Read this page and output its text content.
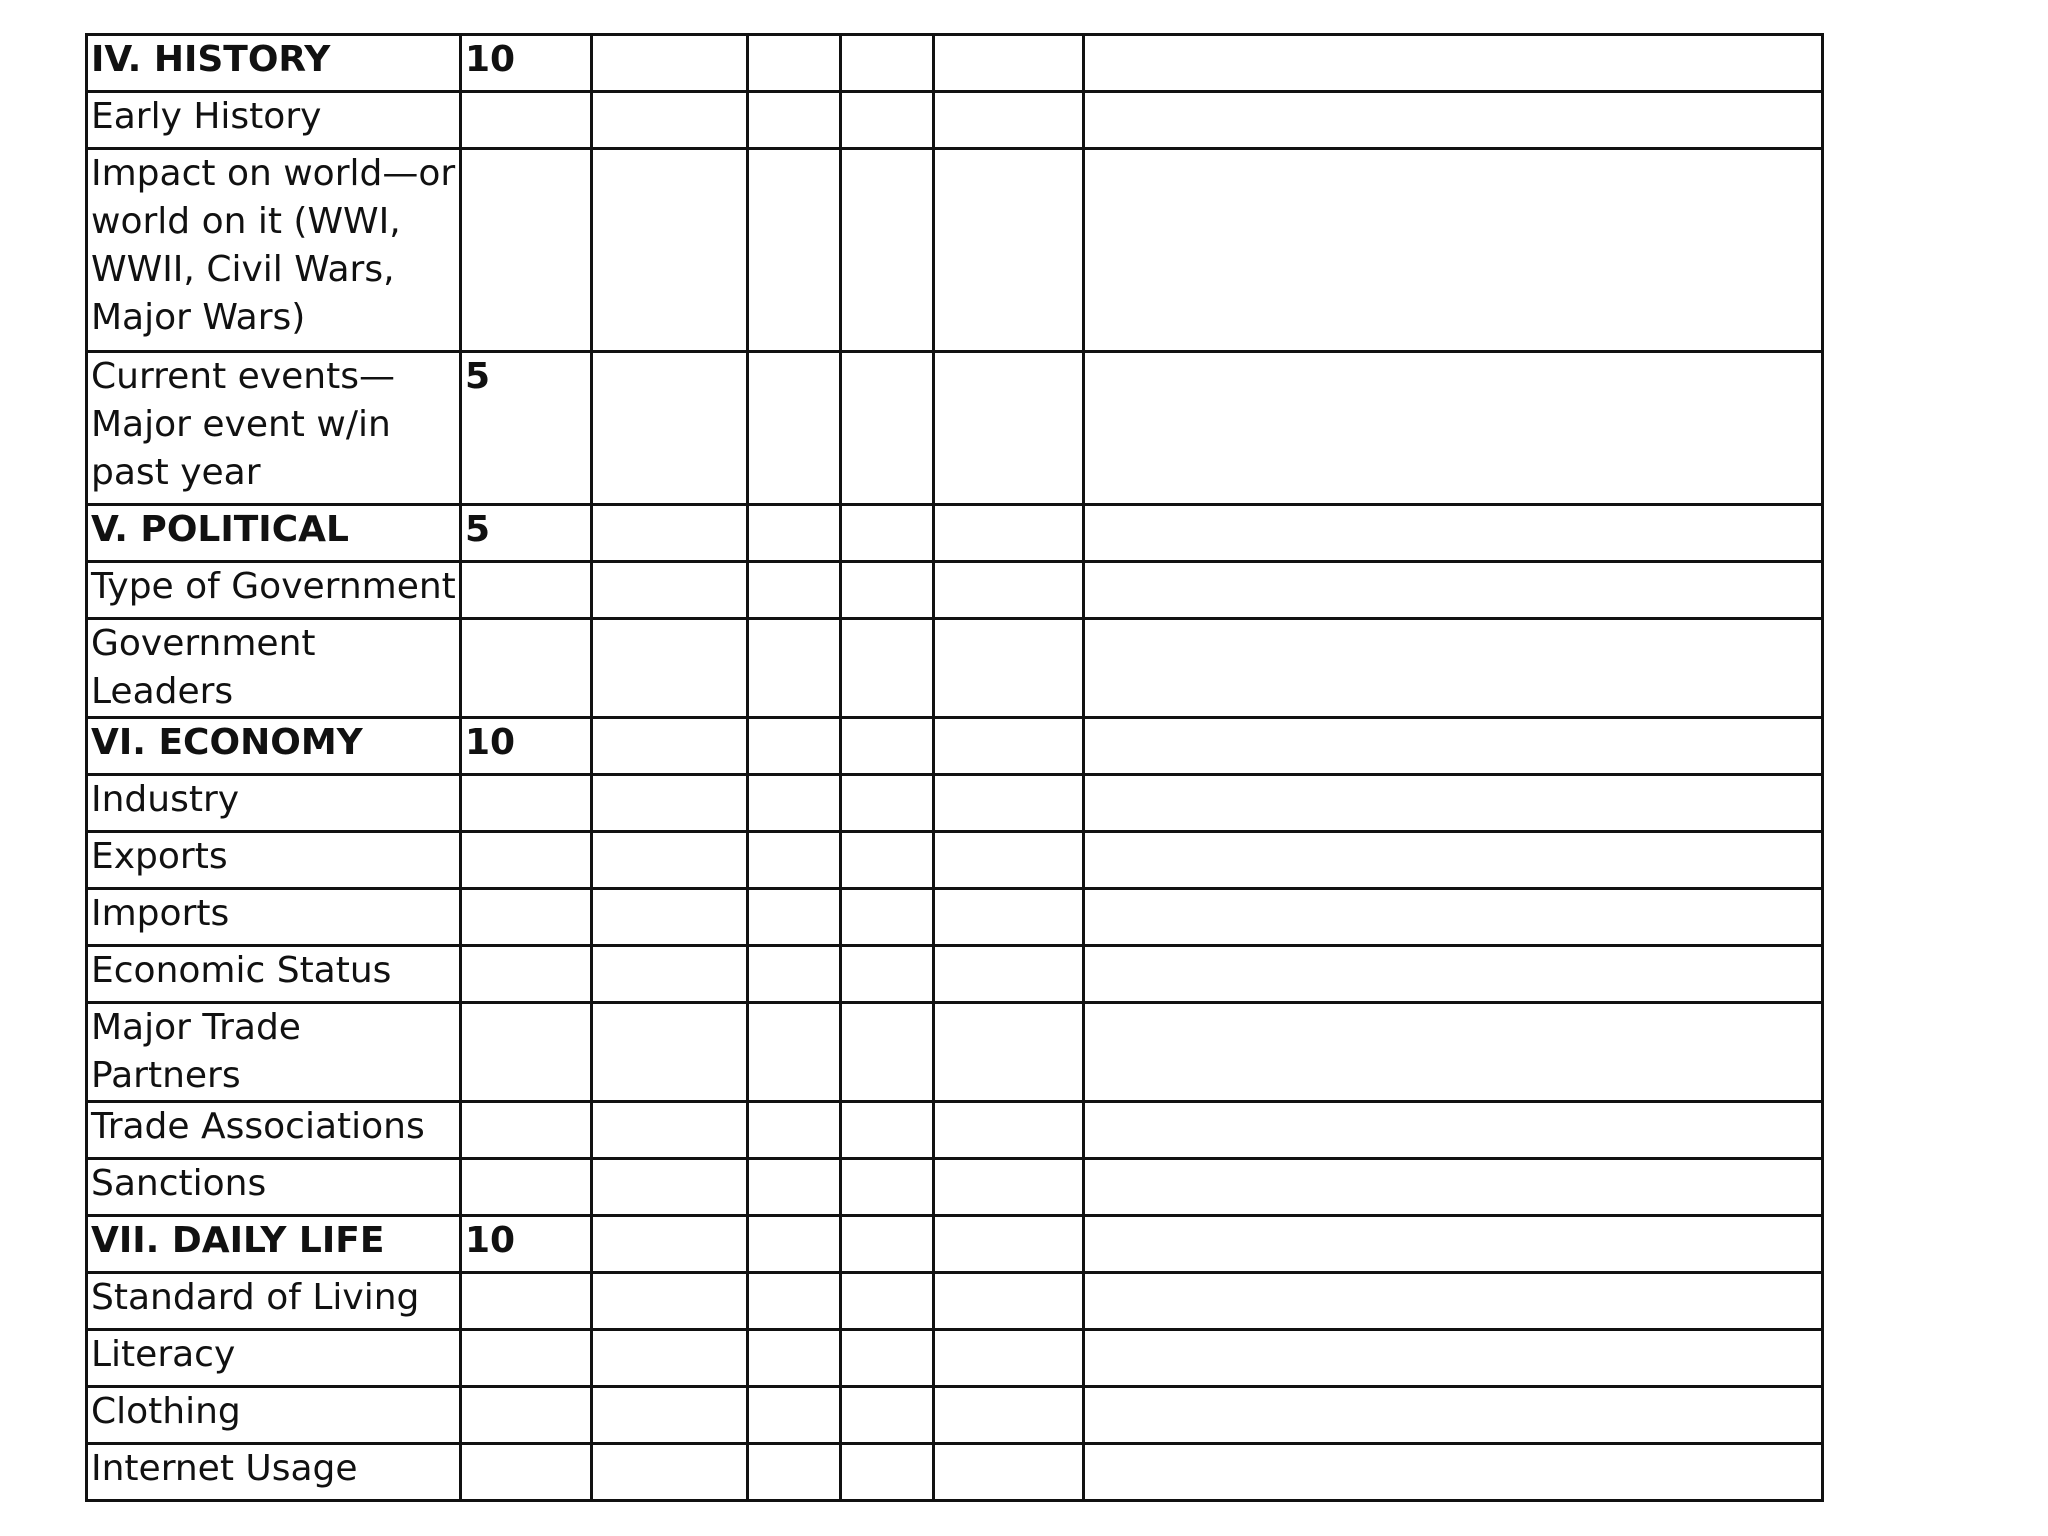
IV. HISTORY	10					
Early History						
Impact on world—or world on it (WWI, WWII, Civil Wars, Major Wars)						
Current events—Major event w/in past year	5					
V. POLITICAL	5					
Type of Government						
Government Leaders						
VI. ECONOMY	10					
Industry						
Exports						
Imports						
Economic Status						
Major Trade Partners						
Trade Associations						
Sanctions						
VII. DAILY LIFE	10					
Standard of Living						
Literacy						
Clothing						
Internet Usage						
